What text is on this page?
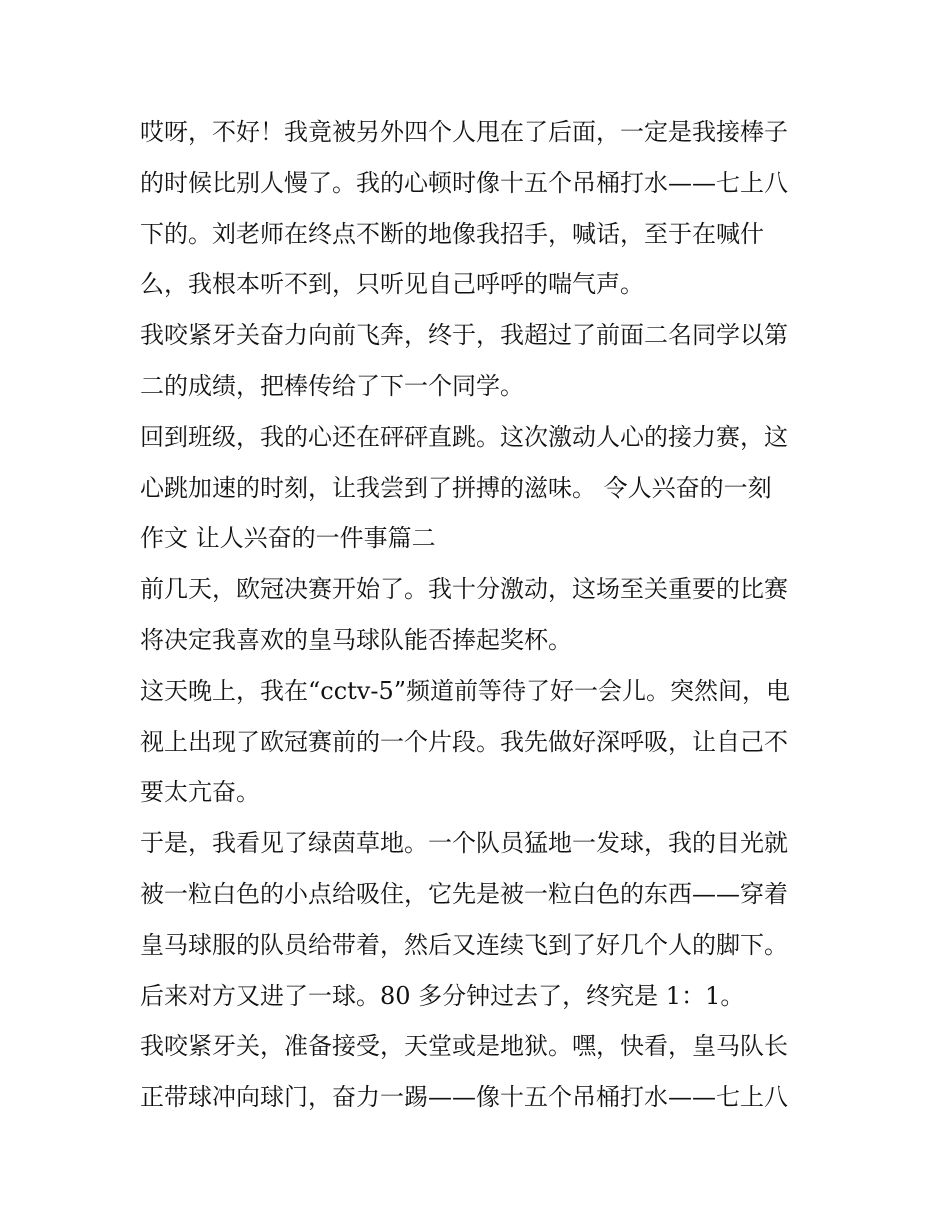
哎呀，不好！我竟被另外四个人甩在了后面，一定是我接棒子
的时候比别人慢了。我的心顿时像十五个吊桶打水——七上八
下的。刘老师在终点不断的地像我招手，喊话，至于在喊什
么，我根本听不到，只听见自己呼呼的喘气声。
我咬紧牙关奋力向前飞奔，终于，我超过了前面二名同学以第
二的成绩，把棒传给了下一个同学。
回到班级，我的心还在砰砰直跳。这次激动人心的接力赛，这
心跳加速的时刻，让我尝到了拼搏的滋味。 令人兴奋的一刻
作文 让人兴奋的一件事篇二
前几天，欧冠决赛开始了。我十分激动，这场至关重要的比赛
将决定我喜欢的皇马球队能否捧起奖杯。
这天晚上，我在“cctv-5”频道前等待了好一会儿。突然间，电
视上出现了欧冠赛前的一个片段。我先做好深呼吸，让自己不
要太亢奋。
于是，我看见了绿茵草地。一个队员猛地一发球，我的目光就
被一粒白色的小点给吸住，它先是被一粒白色的东西——穿着
皇马球服的队员给带着，然后又连续飞到了好几个人的脚下。
后来对方又进了一球。80 多分钟过去了，终究是 1：1。
我咬紧牙关，准备接受，天堂或是地狱。嘿，快看，皇马队长
正带球冲向球门，奋力一踢——像十五个吊桶打水——七上八
